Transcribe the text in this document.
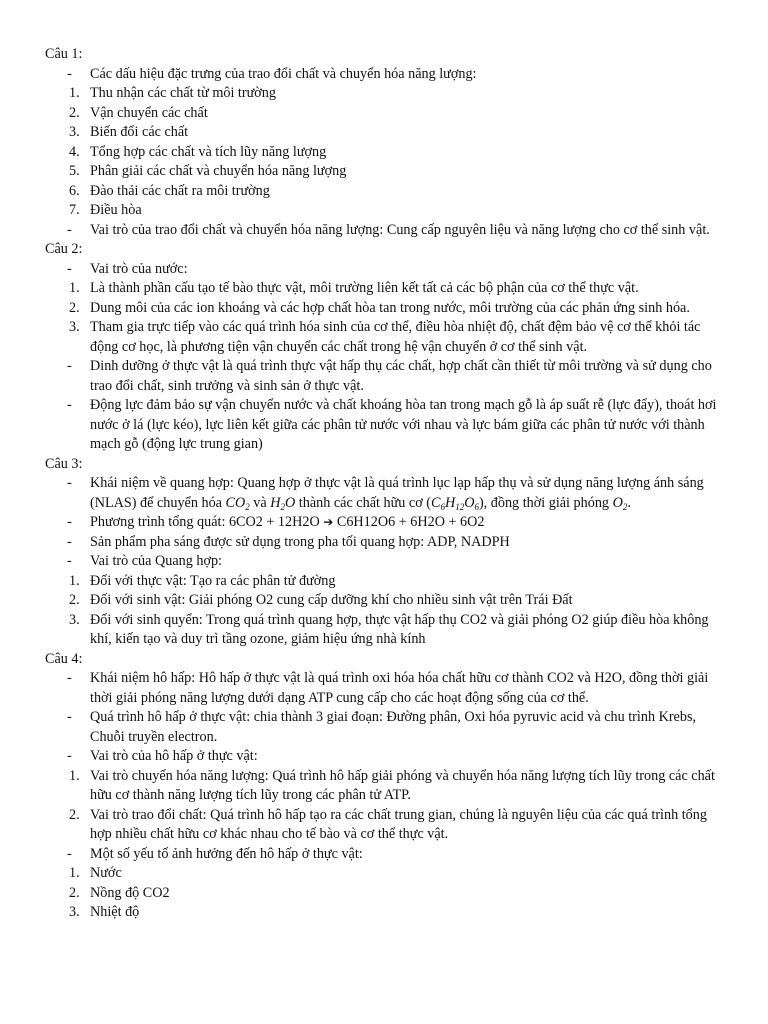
Câu 1:
-	Các dấu hiệu đặc trưng của trao đổi chất và chuyển hóa năng lượng:
1. Thu nhận các chất từ môi trường
2. Vận chuyển các chất
3. Biến đổi các chất
4. Tổng hợp các chất và tích lũy năng lượng
5. Phân giải các chất và chuyển hóa năng lượng
6. Đào thải các chất ra môi trường
7. Điều hòa
-	Vai trò của trao đổi chất và chuyển hóa năng lượng: Cung cấp nguyên liệu và năng lượng cho cơ thể sinh vật.
Câu 2:
-	Vai trò của nước:
1. Là thành phần cấu tạo tế bào thực vật, môi trường liên kết tất cả các bộ phận của cơ thể thực vật.
2. Dung môi của các ion khoáng và các hợp chất hòa tan trong nước, môi trường của các phản ứng sinh hóa.
3. Tham gia trực tiếp vào các quá trình hóa sinh của cơ thể, điều hòa nhiệt độ, chất đệm bảo vệ cơ thể khỏi tác động cơ học, là phương tiện vận chuyển các chất trong hệ vận chuyển ở cơ thể sinh vật.
-	Dinh dưỡng ở thực vật là quá trình thực vật hấp thụ các chất, hợp chất cần thiết từ môi trường và sử dụng cho trao đổi chất, sinh trưởng và sinh sản ở thực vật.
-	Động lực đảm bảo sự vận chuyển nước và chất khoáng hòa tan trong mạch gỗ là áp suất rễ (lực đẩy), thoát hơi nước ở lá (lực kéo), lực liên kết giữa các phân tử nước với nhau và lực bám giữa các phân tử nước với thành mạch gỗ (động lực trung gian)
Câu 3:
-	Khái niệm về quang hợp: Quang hợp ở thực vật là quá trình lục lạp hấp thụ và sử dụng năng lượng ánh sáng (NLAS) để chuyển hóa $CO_2$ và $H_2O$ thành các chất hữu cơ $(C_6H_{12}O_6)$, đồng thời giải phóng $O_2$.
-	Phương trình tổng quát: 6CO2 + 12H2O ➔ C6H12O6 + 6H2O + 6O2
-	Sản phẩm pha sáng được sử dụng trong pha tối quang hợp: ADP, NADPH
-	Vai trò của Quang hợp:
1. Đối với thực vật: Tạo ra các phân tử đường
2. Đối với sinh vật: Giải phóng O2 cung cấp dưỡng khí cho nhiều sinh vật trên Trái Đất
3. Đối với sinh quyển: Trong quá trình quang hợp, thực vật hấp thụ CO2 và giải phóng O2 giúp điều hòa không khí, kiến tạo và duy trì tầng ozone, giảm hiệu ứng nhà kính
Câu 4:
-	Khái niệm hô hấp: Hô hấp ở thực vật là quá trình oxi hóa hóa chất hữu cơ thành CO2 và H2O, đồng thời giải thời giải phóng năng lượng dưới dạng ATP cung cấp cho các hoạt động sống của cơ thể.
-	Quá trình hô hấp ở thực vật: chia thành 3 giai đoạn: Đường phân, Oxi hóa pyruvic acid và chu trình Krebs, Chuỗi truyền electron.
-	Vai trò của hô hấp ở thực vật:
1. Vai trò chuyển hóa năng lượng: Quá trình hô hấp giải phóng và chuyển hóa năng lượng tích lũy trong các chất hữu cơ thành năng lượng tích lũy trong các phân tử ATP.
2. Vai trò trao đổi chất: Quá trình hô hấp tạo ra các chất trung gian, chúng là nguyên liệu của các quá trình tổng hợp nhiều chất hữu cơ khác nhau cho tế bào và cơ thể thực vật.
-	Một số yếu tố ảnh hưởng đến hô hấp ở thực vật:
1. Nước
2. Nồng độ CO2
3. Nhiệt độ
